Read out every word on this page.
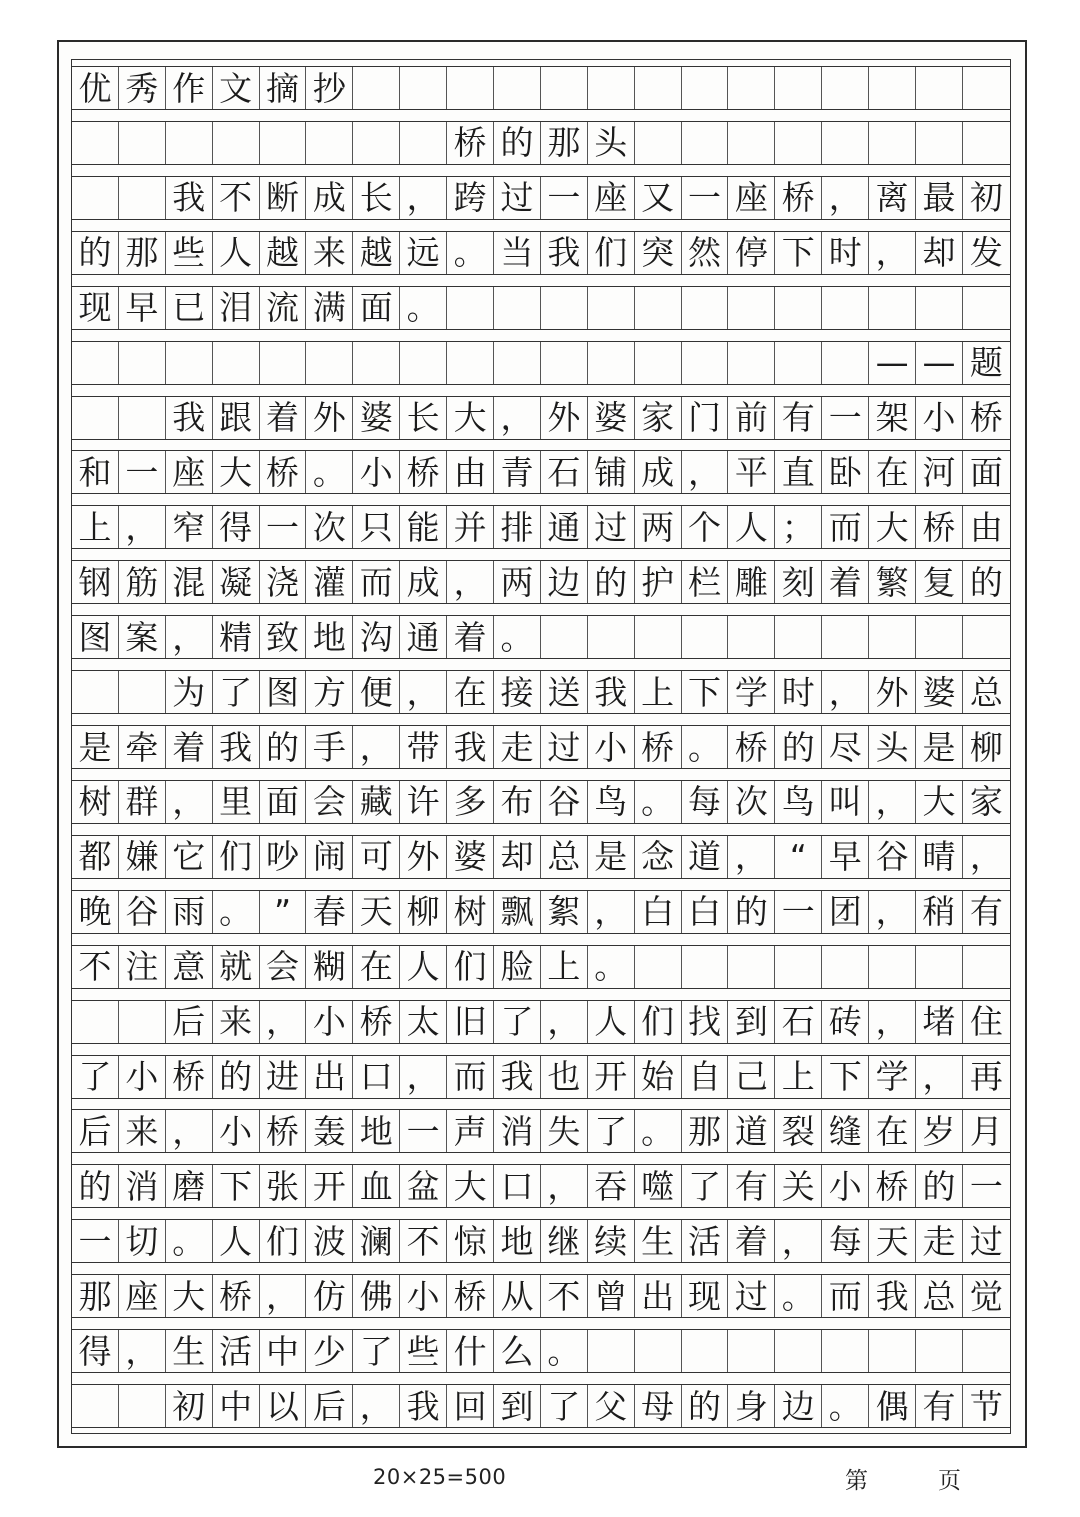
优 秀 作 文 摘 抄
桥 的 那 头
我 不 断 成 长 ， 跨 过 一 座 又 一 座 桥 ， 离 最 初
的 那 些 人 越 来 越 远 。 当 我 们 突 然 停 下 时 ， 却 发
现 早 已 泪 流 满 面 。
— — 题
我 跟 着 外 婆 长 大 ， 外 婆 家 门 前 有 一 架 小 桥
和 一 座 大 桥 。 小 桥 由 青 石 铺 成 ， 平 直 卧 在 河 面
上 ， 窄 得 一 次 只 能 并 排 通 过 两 个 人 ； 而 大 桥 由
钢 筋 混 凝 浇 灌 而 成 ， 两 边 的 护 栏 雕 刻 着 繁 复 的
图 案 ， 精 致 地 沟 通 着 。
为 了 图 方 便 ， 在 接 送 我 上 下 学 时 ， 外 婆 总
是 牵 着 我 的 手 ， 带 我 走 过 小 桥 。 桥 的 尽 头 是 柳
树 群 ， 里 面 会 藏 许 多 布 谷 鸟 。 每 次 鸟 叫 ， 大 家
都 嫌 它 们 吵 闹 可 外 婆 却 总 是 念 道 ， “ 早 谷 晴 ，
晚 谷 雨 。 ” 春 天 柳 树 飘 絮 ， 白 白 的 一 团 ， 稍 有
不 注 意 就 会 糊 在 人 们 脸 上 。
后 来 ， 小 桥 太 旧 了 ， 人 们 找 到 石 砖 ， 堵 住
了 小 桥 的 进 出 口 ， 而 我 也 开 始 自 己 上 下 学 ， 再
后 来 ， 小 桥 轰 地 一 声 消 失 了 。 那 道 裂 缝 在 岁 月
的 消 磨 下 张 开 血 盆 大 口 ， 吞 噬 了 有 关 小 桥 的 一
一 切 。 人 们 波 澜 不 惊 地 继 续 生 活 着 ， 每 天 走 过
那 座 大 桥 ， 仿 佛 小 桥 从 不 曾 出 现 过 。 而 我 总 觉
得 ， 生 活 中 少 了 些 什 么 。
初 中 以 后 ， 我 回 到 了 父 母 的 身 边 。 偶 有 节
20×25=500	第	页
